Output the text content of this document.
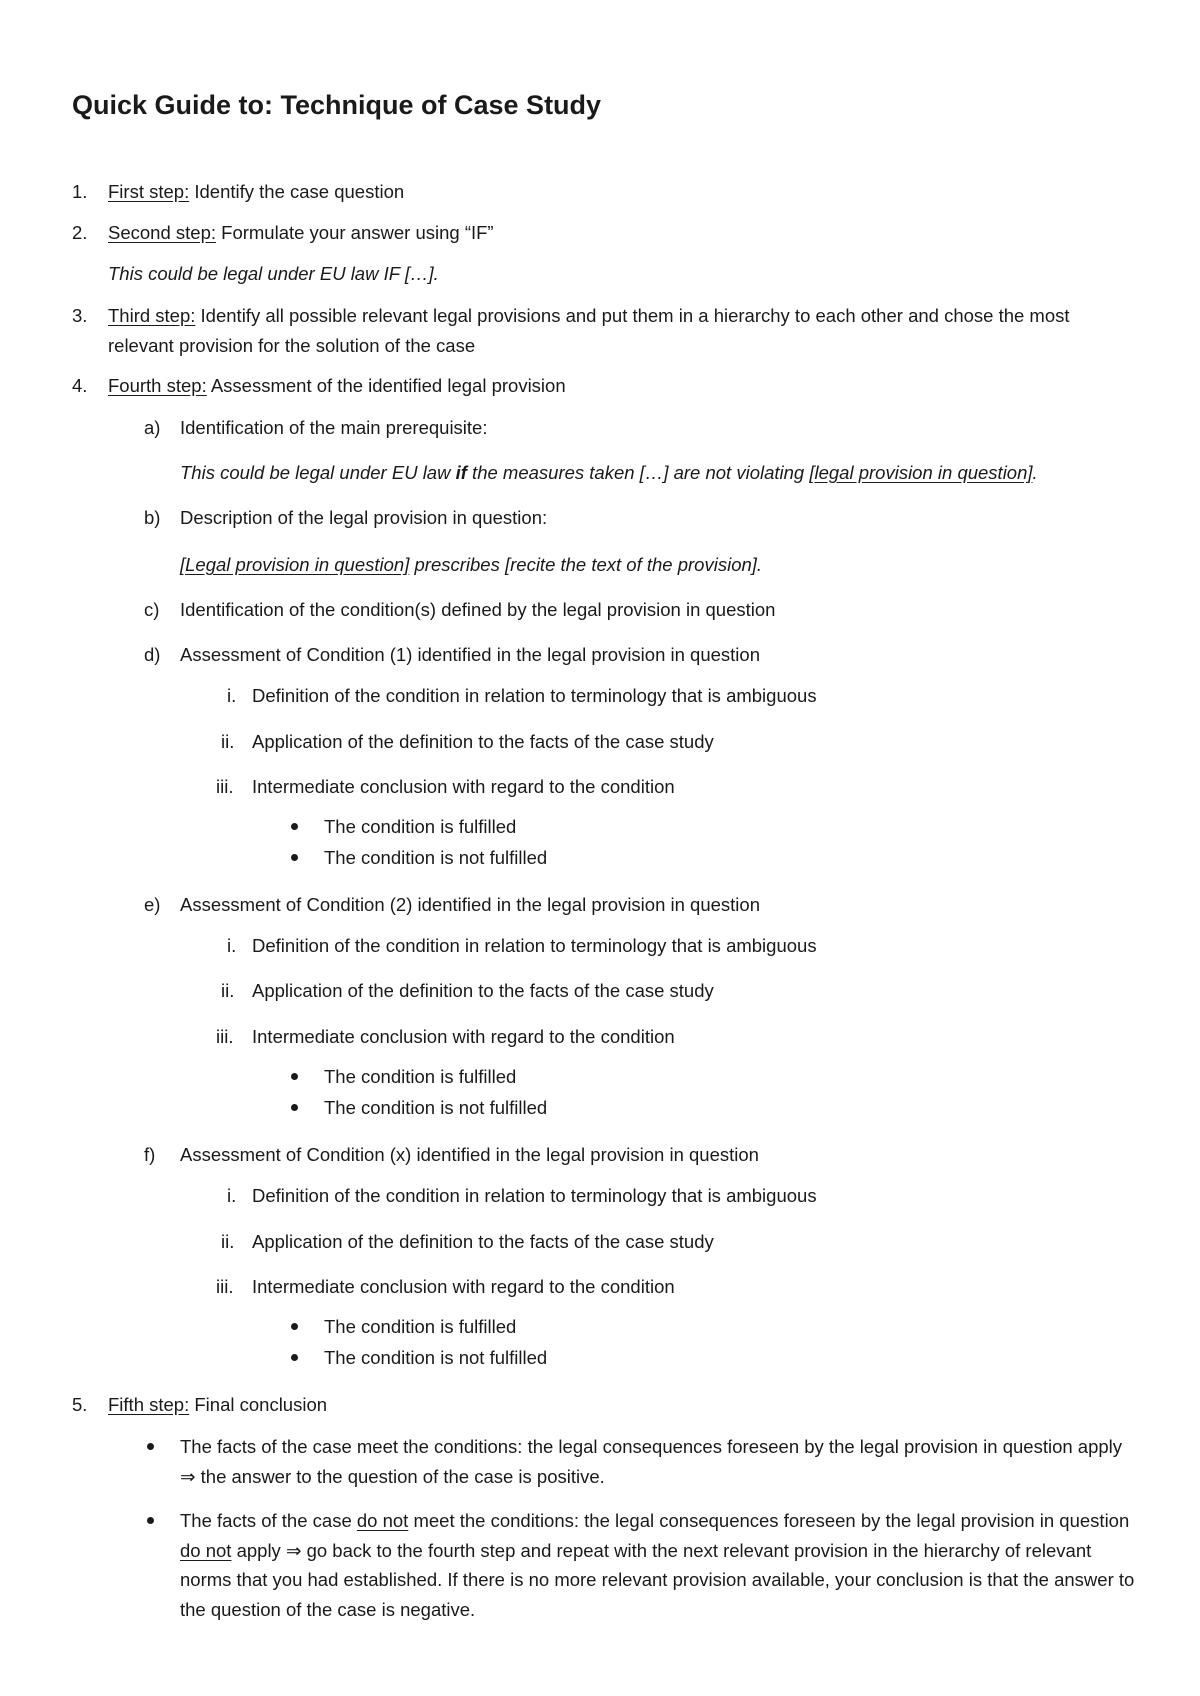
Quick Guide to: Technique of Case Study
1. First step: Identify the case question
2. Second step: Formulate your answer using “IF”
This could be legal under EU law IF […].
3. Third step: Identify all possible relevant legal provisions and put them in a hierarchy to each other and chose the most relevant provision for the solution of the case
4. Fourth step: Assessment of the identified legal provision
a) Identification of the main prerequisite:
This could be legal under EU law if the measures taken […] are not violating [legal provision in question].
b) Description of the legal provision in question:
[Legal provision in question] prescribes [recite the text of the provision].
c) Identification of the condition(s) defined by the legal provision in question
d) Assessment of Condition (1) identified in the legal provision in question
i. Definition of the condition in relation to terminology that is ambiguous
ii. Application of the definition to the facts of the case study
iii. Intermediate conclusion with regard to the condition
The condition is fulfilled
The condition is not fulfilled
e) Assessment of Condition (2) identified in the legal provision in question
i. Definition of the condition in relation to terminology that is ambiguous
ii. Application of the definition to the facts of the case study
iii. Intermediate conclusion with regard to the condition
The condition is fulfilled
The condition is not fulfilled
f) Assessment of Condition (x) identified in the legal provision in question
i. Definition of the condition in relation to terminology that is ambiguous
ii. Application of the definition to the facts of the case study
iii. Intermediate conclusion with regard to the condition
The condition is fulfilled
The condition is not fulfilled
5. Fifth step: Final conclusion
The facts of the case meet the conditions: the legal consequences foreseen by the legal provision in question apply ⇒ the answer to the question of the case is positive.
The facts of the case do not meet the conditions: the legal consequences foreseen by the legal provision in question do not apply ⇒ go back to the fourth step and repeat with the next relevant provision in the hierarchy of relevant norms that you had established. If there is no more relevant provision available, your conclusion is that the answer to the question of the case is negative.
